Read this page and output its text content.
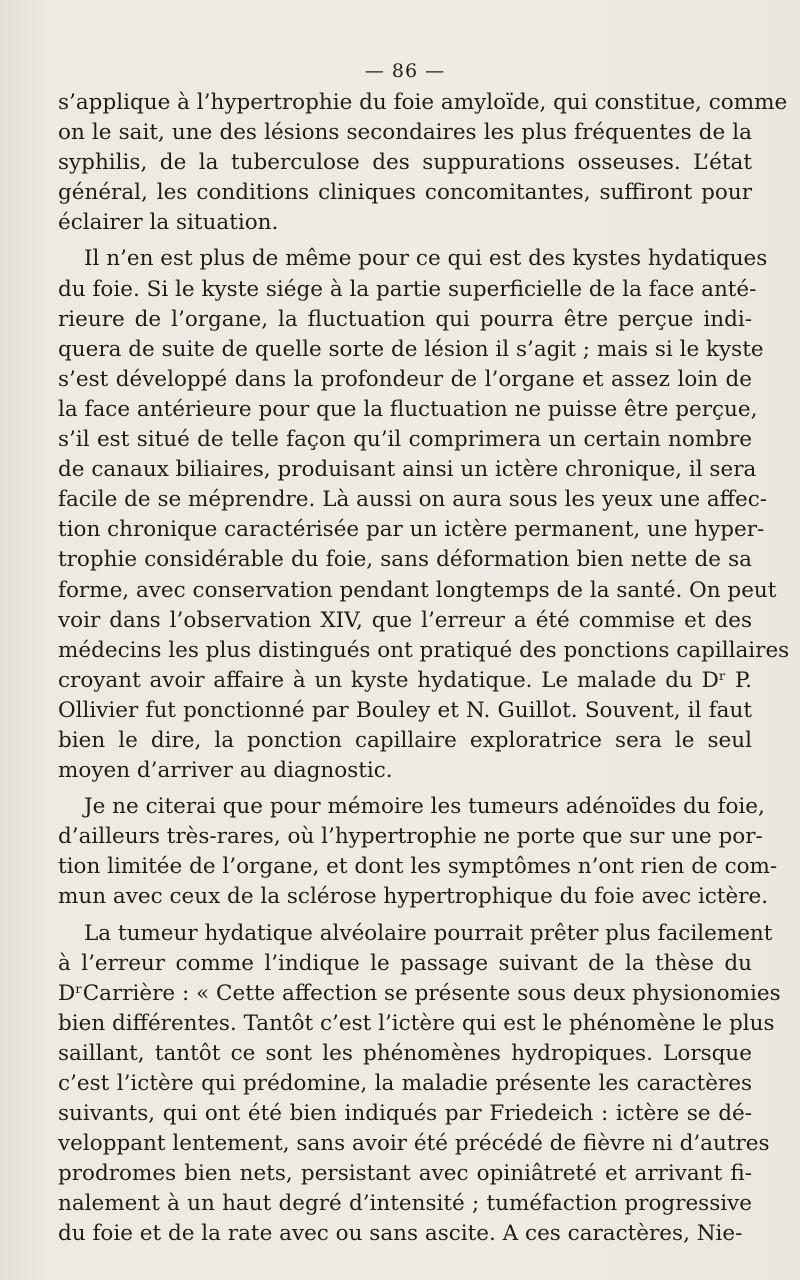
— 86 —
s’applique à l’hypertrophie du foie amyloïde, qui constitue, comme
on le sait, une des lésions secondaires les plus fréquentes de la
syphilis, de la tuberculose des suppurations osseuses. L’état
général, les conditions cliniques concomitantes, suffiront pour
éclairer la situation.
Il n’en est plus de même pour ce qui est des kystes hydatiques
du foie. Si le kyste siége à la partie superficielle de la face anté-
rieure de l’organe, la fluctuation qui pourra être perçue indi-
quera de suite de quelle sorte de lésion il s’agit ; mais si le kyste
s’est développé dans la profondeur de l’organe et assez loin de
la face antérieure pour que la fluctuation ne puisse être perçue,
s’il est situé de telle façon qu’il comprimera un certain nombre
de canaux biliaires, produisant ainsi un ictère chronique, il sera
facile de se méprendre. Là aussi on aura sous les yeux une affec-
tion chronique caractérisée par un ictère permanent, une hyper-
trophie considérable du foie, sans déformation bien nette de sa
forme, avec conservation pendant longtemps de la santé. On peut
voir dans l’observation XIV, que l’erreur a été commise et des
médecins les plus distingués ont pratiqué des ponctions capillaires
croyant avoir affaire à un kyste hydatique. Le malade du Dʳ P.
Ollivier fut ponctionné par Bouley et N. Guillot. Souvent, il faut
bien le dire, la ponction capillaire exploratrice sera le seul
moyen d’arriver au diagnostic.
Je ne citerai que pour mémoire les tumeurs adénoïdes du foie,
d’ailleurs très-rares, où l’hypertrophie ne porte que sur une por-
tion limitée de l’organe, et dont les symptômes n’ont rien de com-
mun avec ceux de la sclérose hypertrophique du foie avec ictère.
La tumeur hydatique alvéolaire pourrait prêter plus facilement
à l’erreur comme l’indique le passage suivant de la thèse du
DʳCarrière : « Cette affection se présente sous deux physionomies
bien différentes. Tantôt c’est l’ictère qui est le phénomène le plus
saillant, tantôt ce sont les phénomènes hydropiques. Lorsque
c’est l’ictère qui prédomine, la maladie présente les caractères
suivants, qui ont été bien indiqués par Friedeich : ictère se dé-
veloppant lentement, sans avoir été précédé de fièvre ni d’autres
prodromes bien nets, persistant avec opiniâtreté et arrivant fi-
nalement à un haut degré d’intensité ; tuméfaction progressive
du foie et de la rate avec ou sans ascite. A ces caractères, Nie-
